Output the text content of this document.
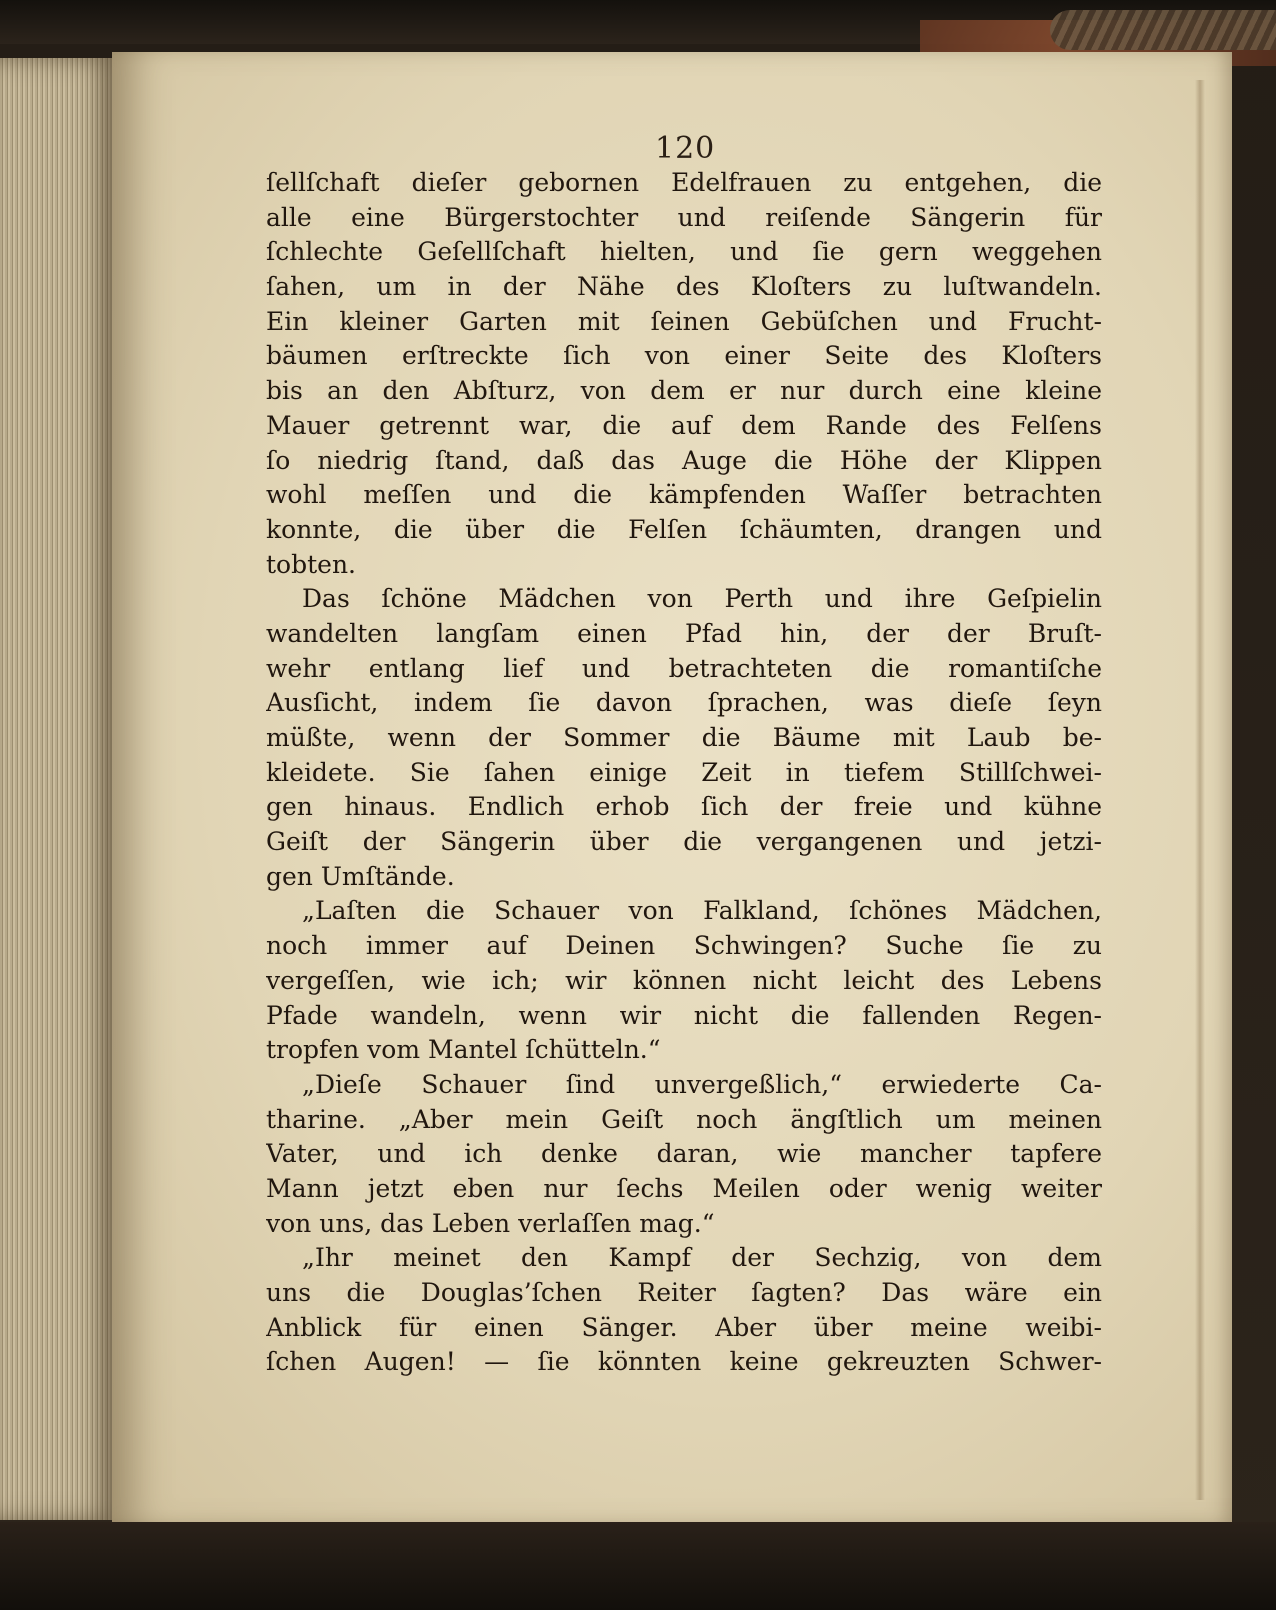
120
ſellſchaft dieſer gebornen Edelfrauen zu entgehen, die
alle eine Bürgerstochter und reiſende Sängerin für
ſchlechte Geſellſchaft hielten, und ſie gern weggehen
ſahen, um in der Nähe des Kloſters zu luſtwandeln.
Ein kleiner Garten mit ſeinen Gebüſchen und Frucht-
bäumen erſtreckte ſich von einer Seite des Kloſters
bis an den Abſturz, von dem er nur durch eine kleine
Mauer getrennt war, die auf dem Rande des Felſens
ſo niedrig ſtand, daß das Auge die Höhe der Klippen
wohl meſſen und die kämpfenden Waſſer betrachten
konnte, die über die Felſen ſchäumten, drangen und
tobten.
Das ſchöne Mädchen von Perth und ihre Geſpielin
wandelten langſam einen Pfad hin, der der Bruſt-
wehr entlang lief und betrachteten die romantiſche
Ausſicht, indem ſie davon ſprachen, was dieſe ſeyn
müßte, wenn der Sommer die Bäume mit Laub be-
kleidete. Sie ſahen einige Zeit in tiefem Stillſchwei-
gen hinaus. Endlich erhob ſich der freie und kühne
Geiſt der Sängerin über die vergangenen und jetzi-
gen Umſtände.
„Laſten die Schauer von Falkland, ſchönes Mädchen,
noch immer auf Deinen Schwingen? Suche ſie zu
vergeſſen, wie ich; wir können nicht leicht des Lebens
Pfade wandeln, wenn wir nicht die fallenden Regen-
tropfen vom Mantel ſchütteln.“
„Dieſe Schauer ſind unvergeßlich,“ erwiederte Ca-
tharine. „Aber mein Geiſt noch ängſtlich um meinen
Vater, und ich denke daran, wie mancher tapfere
Mann jetzt eben nur ſechs Meilen oder wenig weiter
von uns, das Leben verlaſſen mag.“
„Ihr meinet den Kampf der Sechzig, von dem
uns die Douglas’ſchen Reiter ſagten? Das wäre ein
Anblick für einen Sänger. Aber über meine weibi-
ſchen Augen! — ſie könnten keine gekreuzten Schwer-
